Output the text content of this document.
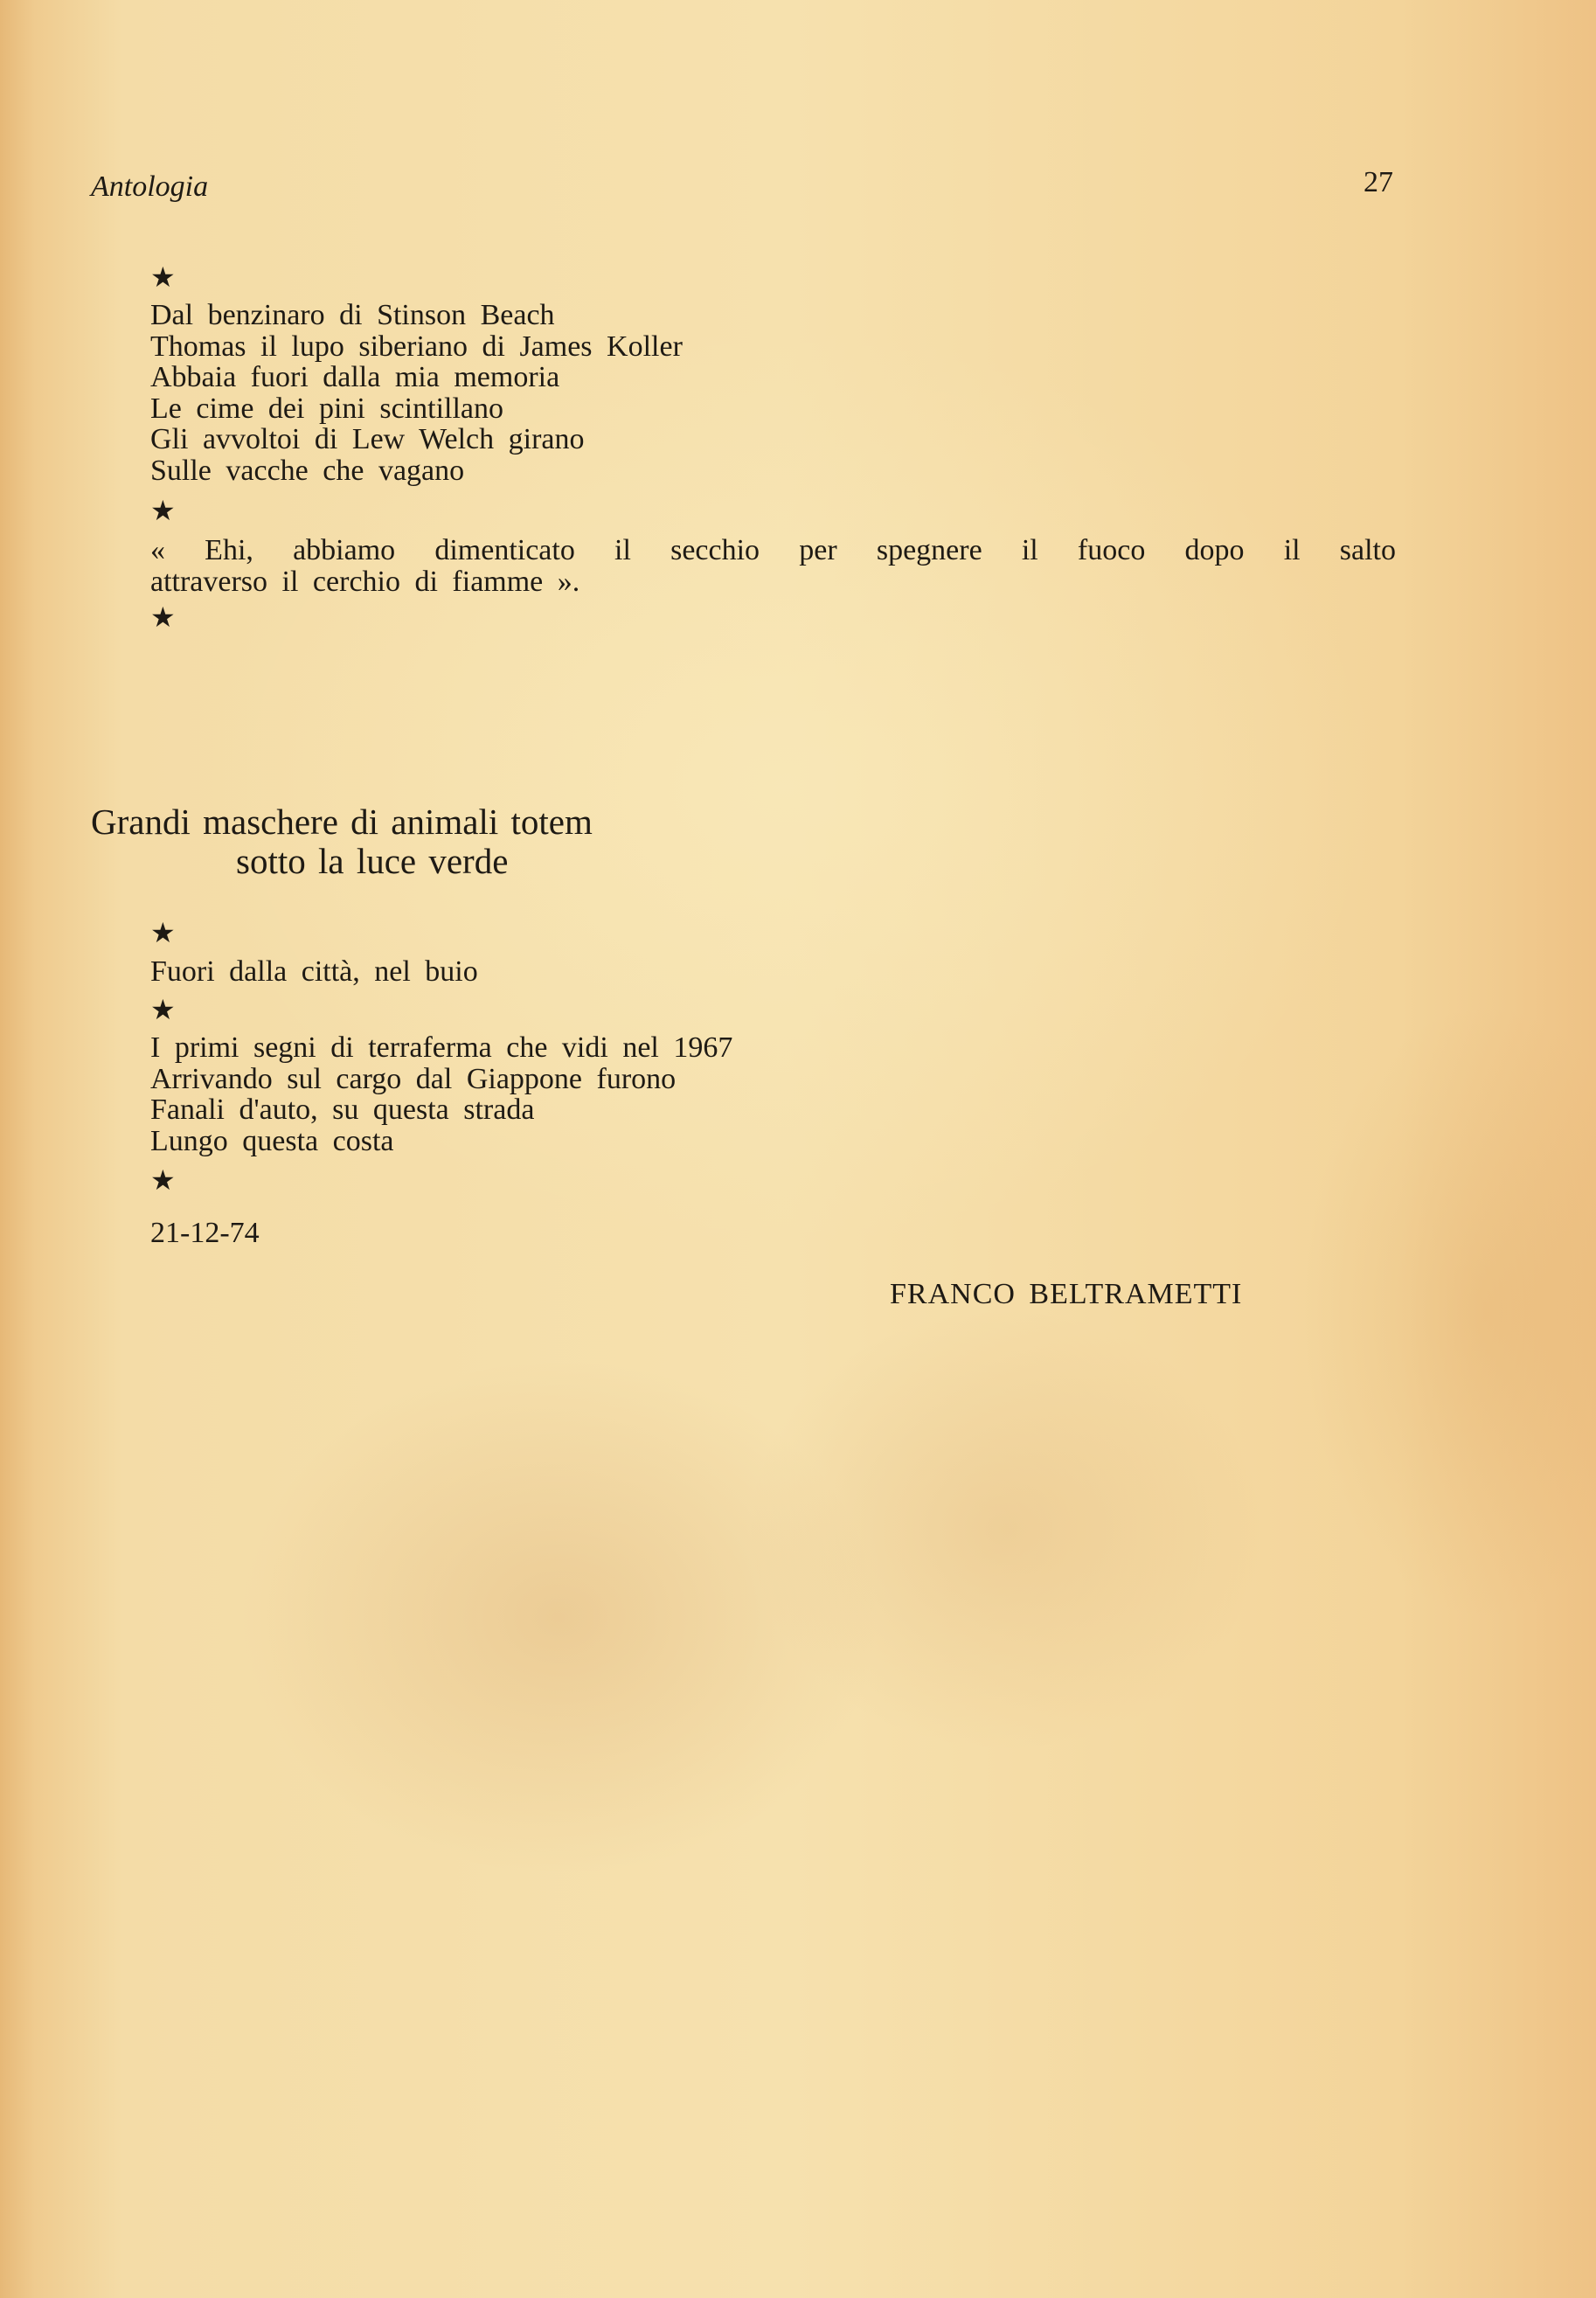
Antologia	27
★
Dal benzinaro di Stinson Beach
Thomas il lupo siberiano di James Koller
Abbaia fuori dalla mia memoria
Le cime dei pini scintillano
Gli avvoltoi di Lew Welch girano
Sulle vacche che vagano
★
« Ehi, abbiamo dimenticato il secchio per spegnere il fuoco dopo il salto
attraverso il cerchio di fiamme ».
★
Grandi maschere di animali totem
sotto la luce verde
★
Fuori dalla città, nel buio
★
I primi segni di terraferma che vidi nel 1967
Arrivando sul cargo dal Giappone furono
Fanali d'auto, su questa strada
Lungo questa costa
★
21-12-74
FRANCO BELTRAMETTI
